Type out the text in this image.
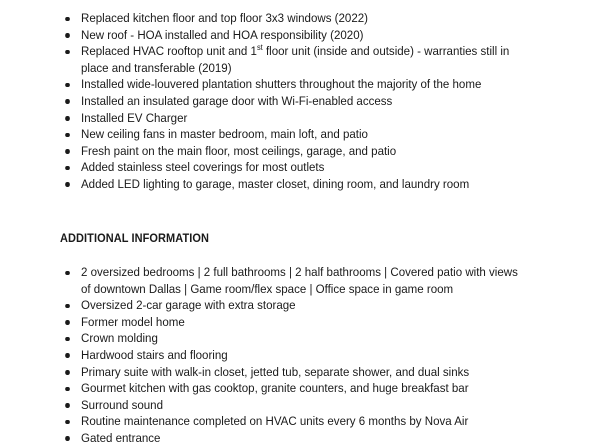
Replaced kitchen floor and top floor 3x3 windows (2022)
New roof - HOA installed and HOA responsibility (2020)
Replaced HVAC rooftop unit and 1st floor unit (inside and outside) - warranties still in place and transferable (2019)
Installed wide-louvered plantation shutters throughout the majority of the home
Installed an insulated garage door with Wi-Fi-enabled access
Installed EV Charger
New ceiling fans in master bedroom, main loft, and patio
Fresh paint on the main floor, most ceilings, garage, and patio
Added stainless steel coverings for most outlets
Added LED lighting to garage, master closet, dining room, and laundry room
ADDITIONAL INFORMATION
2 oversized bedrooms | 2 full bathrooms | 2 half bathrooms | Covered patio with views of downtown Dallas | Game room/flex space | Office space in game room
Oversized 2-car garage with extra storage
Former model home
Crown molding
Hardwood stairs and flooring
Primary suite with walk-in closet, jetted tub, separate shower, and dual sinks
Gourmet kitchen with gas cooktop, granite counters, and huge breakfast bar
Surround sound
Routine maintenance completed on HVAC units every 6 months by Nova Air
Gated entrance
